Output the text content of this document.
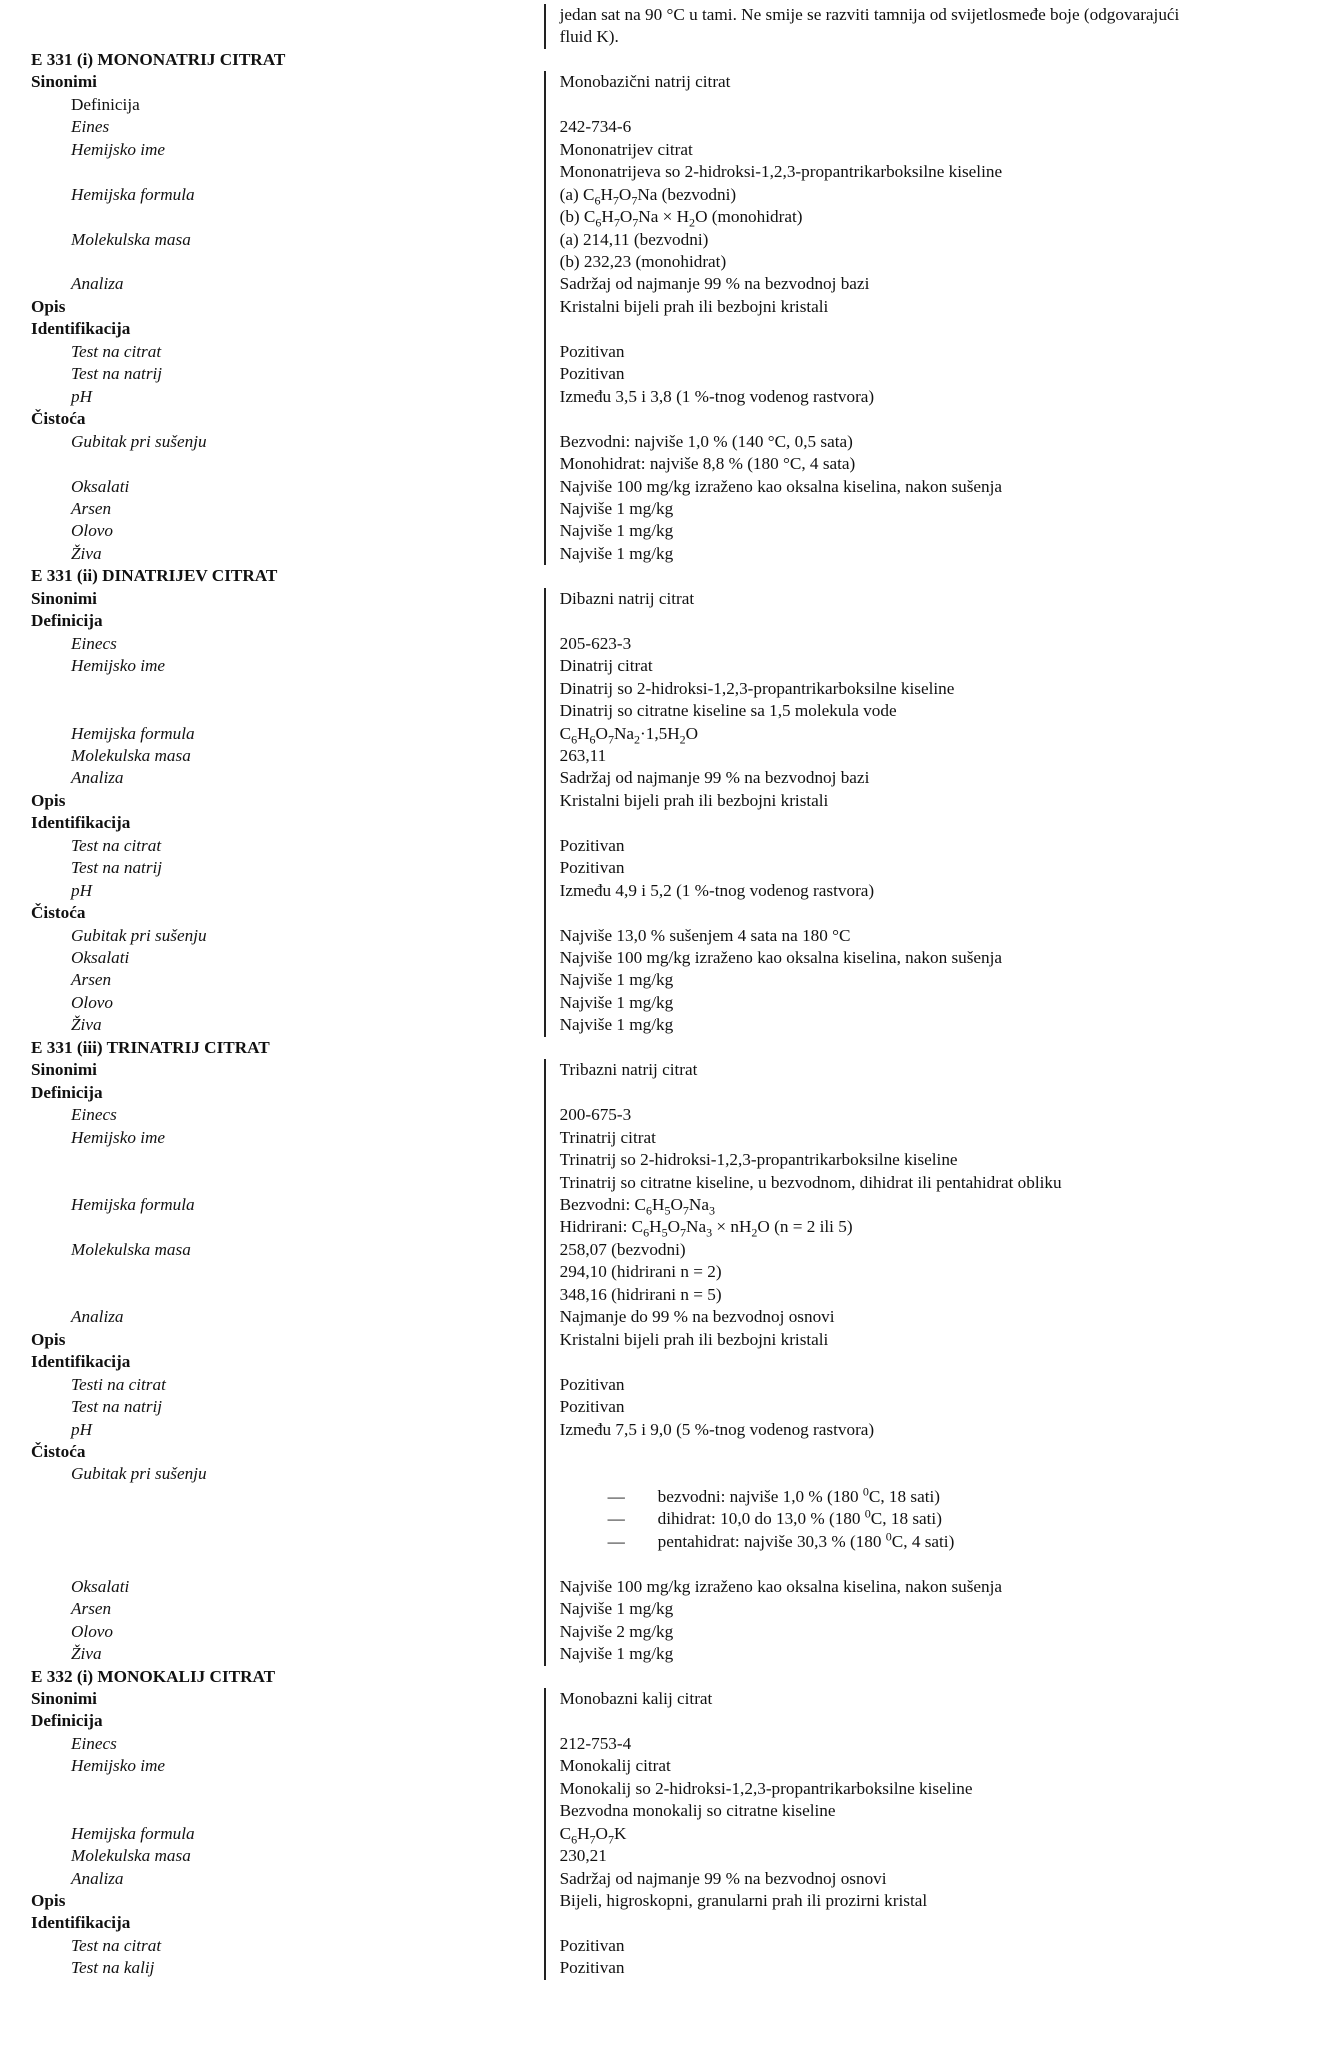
jedan sat na 90 °C u tami. Ne smije se razviti tamnija od svijetlosmeđe boje (odgovarajući
fluid K).
E 331 (i) MONONATRIJ CITRAT
Sinonimi	Monobazični natrij citrat
Definicija
Eines	242-734-6
Hemijsko ime	Mononatrijev citrat
Mononatrijeva so 2-hidroksi-1,2,3-propantrikarboksilne kiseline
Hemijska formula	(a) $C_6H_7O_7Na$ (bezvodni)
(b) $C_6H_7O_7Na \times H_2O$ (monohidrat)
Molekulska masa	(a) 214,11 (bezvodni)
(b) 232,23 (monohidrat)
Analiza	Sadržaj od najmanje 99 % na bezvodnoj bazi
Opis	Kristalni bijeli prah ili bezbojni kristali
Identifikacija
Test na citrat	Pozitivan
Test na natrij	Pozitivan
pH	Između 3,5 i 3,8 (1 %-tnog vodenog rastvora)
Čistoća
Gubitak pri sušenju	Bezvodni: najviše 1,0 % (140 °C, 0,5 sata)
Monohidrat: najviše 8,8 % (180 °C, 4 sata)
Oksalati	Najviše 100 mg/kg izraženo kao oksalna kiselina, nakon sušenja
Arsen	Najviše 1 mg/kg
Olovo	Najviše 1 mg/kg
Živa	Najviše 1 mg/kg
E 331 (ii) DINATRIJEV CITRAT
Sinonimi	Dibazni natrij citrat
Definicija
Einecs	205-623-3
Hemijsko ime	Dinatrij citrat
Dinatrij so 2-hidroksi-1,2,3-propantrikarboksilne kiseline
Dinatrij so citratne kiseline sa 1,5 molekula vode
Hemijska formula	$C_6H_6O_7Na_2\cdot 1,5H_2O$
Molekulska masa	263,11
Analiza	Sadržaj od najmanje 99 % na bezvodnoj bazi
Opis	Kristalni bijeli prah ili bezbojni kristali
Identifikacija
Test na citrat	Pozitivan
Test na natrij	Pozitivan
pH	Između 4,9 i 5,2 (1 %-tnog vodenog rastvora)
Čistoća
Gubitak pri sušenju	Najviše 13,0 % sušenjem 4 sata na 180 °C
Oksalati	Najviše 100 mg/kg izraženo kao oksalna kiselina, nakon sušenja
Arsen	Najviše 1 mg/kg
Olovo	Najviše 1 mg/kg
Živa	Najviše 1 mg/kg
E 331 (iii) TRINATRIJ CITRAT
Sinonimi	Tribazni natrij citrat
Definicija
Einecs	200-675-3
Hemijsko ime	Trinatrij citrat
Trinatrij so 2-hidroksi-1,2,3-propantrikarboksilne kiseline
Trinatrij so citratne kiseline, u bezvodnom, dihidrat ili pentahidrat obliku
Hemijska formula	Bezvodni: $C_6H_5O_7Na_3$
Hidrirani: $C_6H_5O_7Na_3 \times nH_2O$ (n = 2 ili 5)
Molekulska masa	258,07 (bezvodni)
294,10 (hidrirani n = 2)
348,16 (hidrirani n = 5)
Analiza	Najmanje do 99 % na bezvodnoj osnovi
Opis	Kristalni bijeli prah ili bezbojni kristali
Identifikacija
Testi na citrat	Pozitivan
Test na natrij	Pozitivan
pH	Između 7,5 i 9,0 (5 %-tnog vodenog rastvora)
Čistoća
Gubitak pri sušenju
— bezvodni: najviše 1,0 % (180 $^0$C, 18 sati)
— dihidrat: 10,0 do 13,0 % (180 $^0$C, 18 sati)
— pentahidrat: najviše 30,3 % (180 $^0$C, 4 sati)
Oksalati	Najviše 100 mg/kg izraženo kao oksalna kiselina, nakon sušenja
Arsen	Najviše 1 mg/kg
Olovo	Najviše 2 mg/kg
Živa	Najviše 1 mg/kg
E 332 (i) MONOKALIJ CITRAT
Sinonimi	Monobazni kalij citrat
Definicija
Einecs	212-753-4
Hemijsko ime	Monokalij citrat
Monokalij so 2-hidroksi-1,2,3-propantrikarboksilne kiseline
Bezvodna monokalij so citratne kiseline
Hemijska formula	$C_6H_7O_7K$
Molekulska masa	230,21
Analiza	Sadržaj od najmanje 99 % na bezvodnoj osnovi
Opis	Bijeli, higroskopni, granularni prah ili prozirni kristal
Identifikacija
Test na citrat	Pozitivan
Test na kalij	Pozitivan
